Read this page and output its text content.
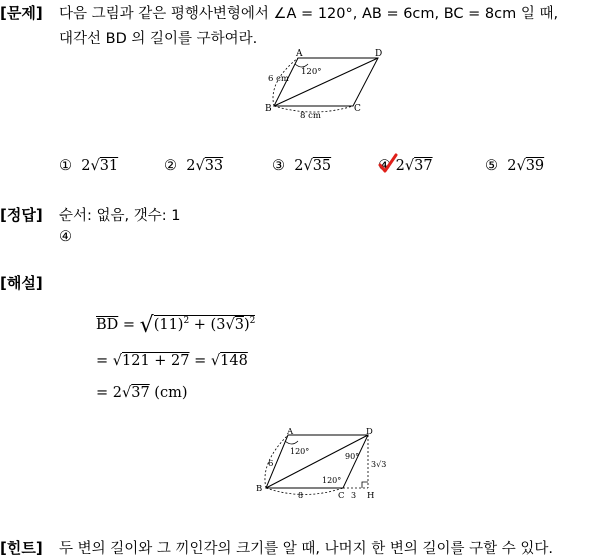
[문제] 다음 그림과 같은 평행사변형에서 ∠A = 120°, AB = 6cm, BC = 8cm 일 때,
대각선 BD 의 길이를 구하여라.
A	D
B	C
6 cm
120°
8 cm
① 2√31	② 2√33	③ 2√35	④ 2√37	⑤ 2√39
[정답] 순서: 없음, 갯수: 1
④
[해설]
$\overline{BD} = √(11)^2 + (3√3)^2$
= √121 + 27 = √148
= 2√37 (cm)
A	D
B
C	H
6
120°
90°
120°
8	3
3√3
[힌트] 두 변의 길이와 그 끼인각의 크기를 알 때, 나머지 한 변의 길이를 구할 수 있다.
